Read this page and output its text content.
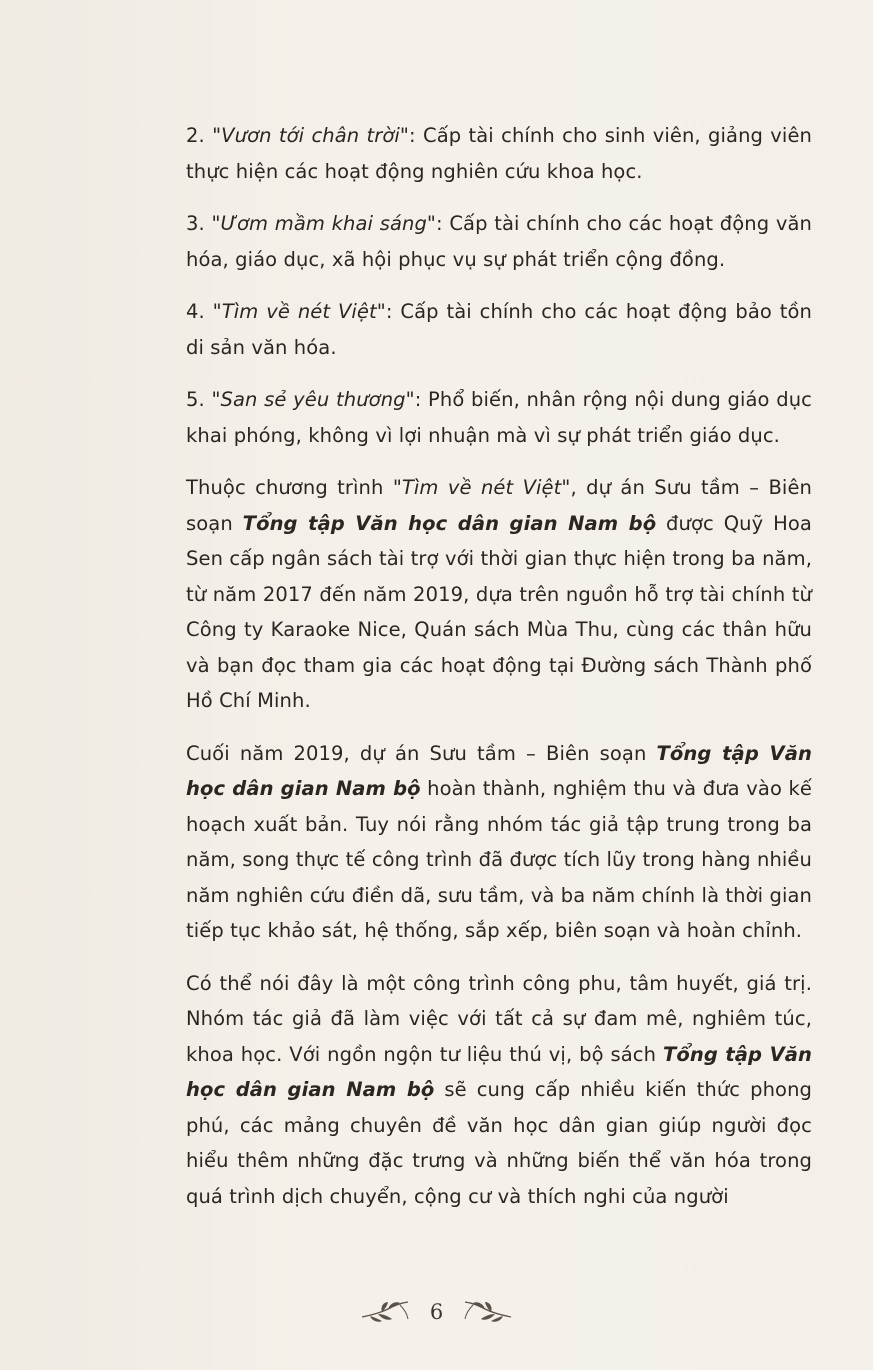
2. "Vươn tới chân trời": Cấp tài chính cho sinh viên, giảng viên thực hiện các hoạt động nghiên cứu khoa học.

3. "Ươm mầm khai sáng": Cấp tài chính cho các hoạt động văn hóa, giáo dục, xã hội phục vụ sự phát triển cộng đồng.

4. "Tìm về nét Việt": Cấp tài chính cho các hoạt động bảo tồn di sản văn hóa.

5. "San sẻ yêu thương": Phổ biến, nhân rộng nội dung giáo dục khai phóng, không vì lợi nhuận mà vì sự phát triển giáo dục.

Thuộc chương trình "Tìm về nét Việt", dự án Sưu tầm – Biên soạn Tổng tập Văn học dân gian Nam bộ được Quỹ Hoa Sen cấp ngân sách tài trợ với thời gian thực hiện trong ba năm, từ năm 2017 đến năm 2019, dựa trên nguồn hỗ trợ tài chính từ Công ty Karaoke Nice, Quán sách Mùa Thu, cùng các thân hữu và bạn đọc tham gia các hoạt động tại Đường sách Thành phố Hồ Chí Minh.

Cuối năm 2019, dự án Sưu tầm – Biên soạn Tổng tập Văn học dân gian Nam bộ hoàn thành, nghiệm thu và đưa vào kế hoạch xuất bản. Tuy nói rằng nhóm tác giả tập trung trong ba năm, song thực tế công trình đã được tích lũy trong hàng nhiều năm nghiên cứu điền dã, sưu tầm, và ba năm chính là thời gian tiếp tục khảo sát, hệ thống, sắp xếp, biên soạn và hoàn chỉnh.

Có thể nói đây là một công trình công phu, tâm huyết, giá trị. Nhóm tác giả đã làm việc với tất cả sự đam mê, nghiêm túc, khoa học. Với ngồn ngộn tư liệu thú vị, bộ sách Tổng tập Văn học dân gian Nam bộ sẽ cung cấp nhiều kiến thức phong phú, các mảng chuyên đề văn học dân gian giúp người đọc hiểu thêm những đặc trưng và những biến thể văn hóa trong quá trình dịch chuyển, cộng cư và thích nghi của người

6
